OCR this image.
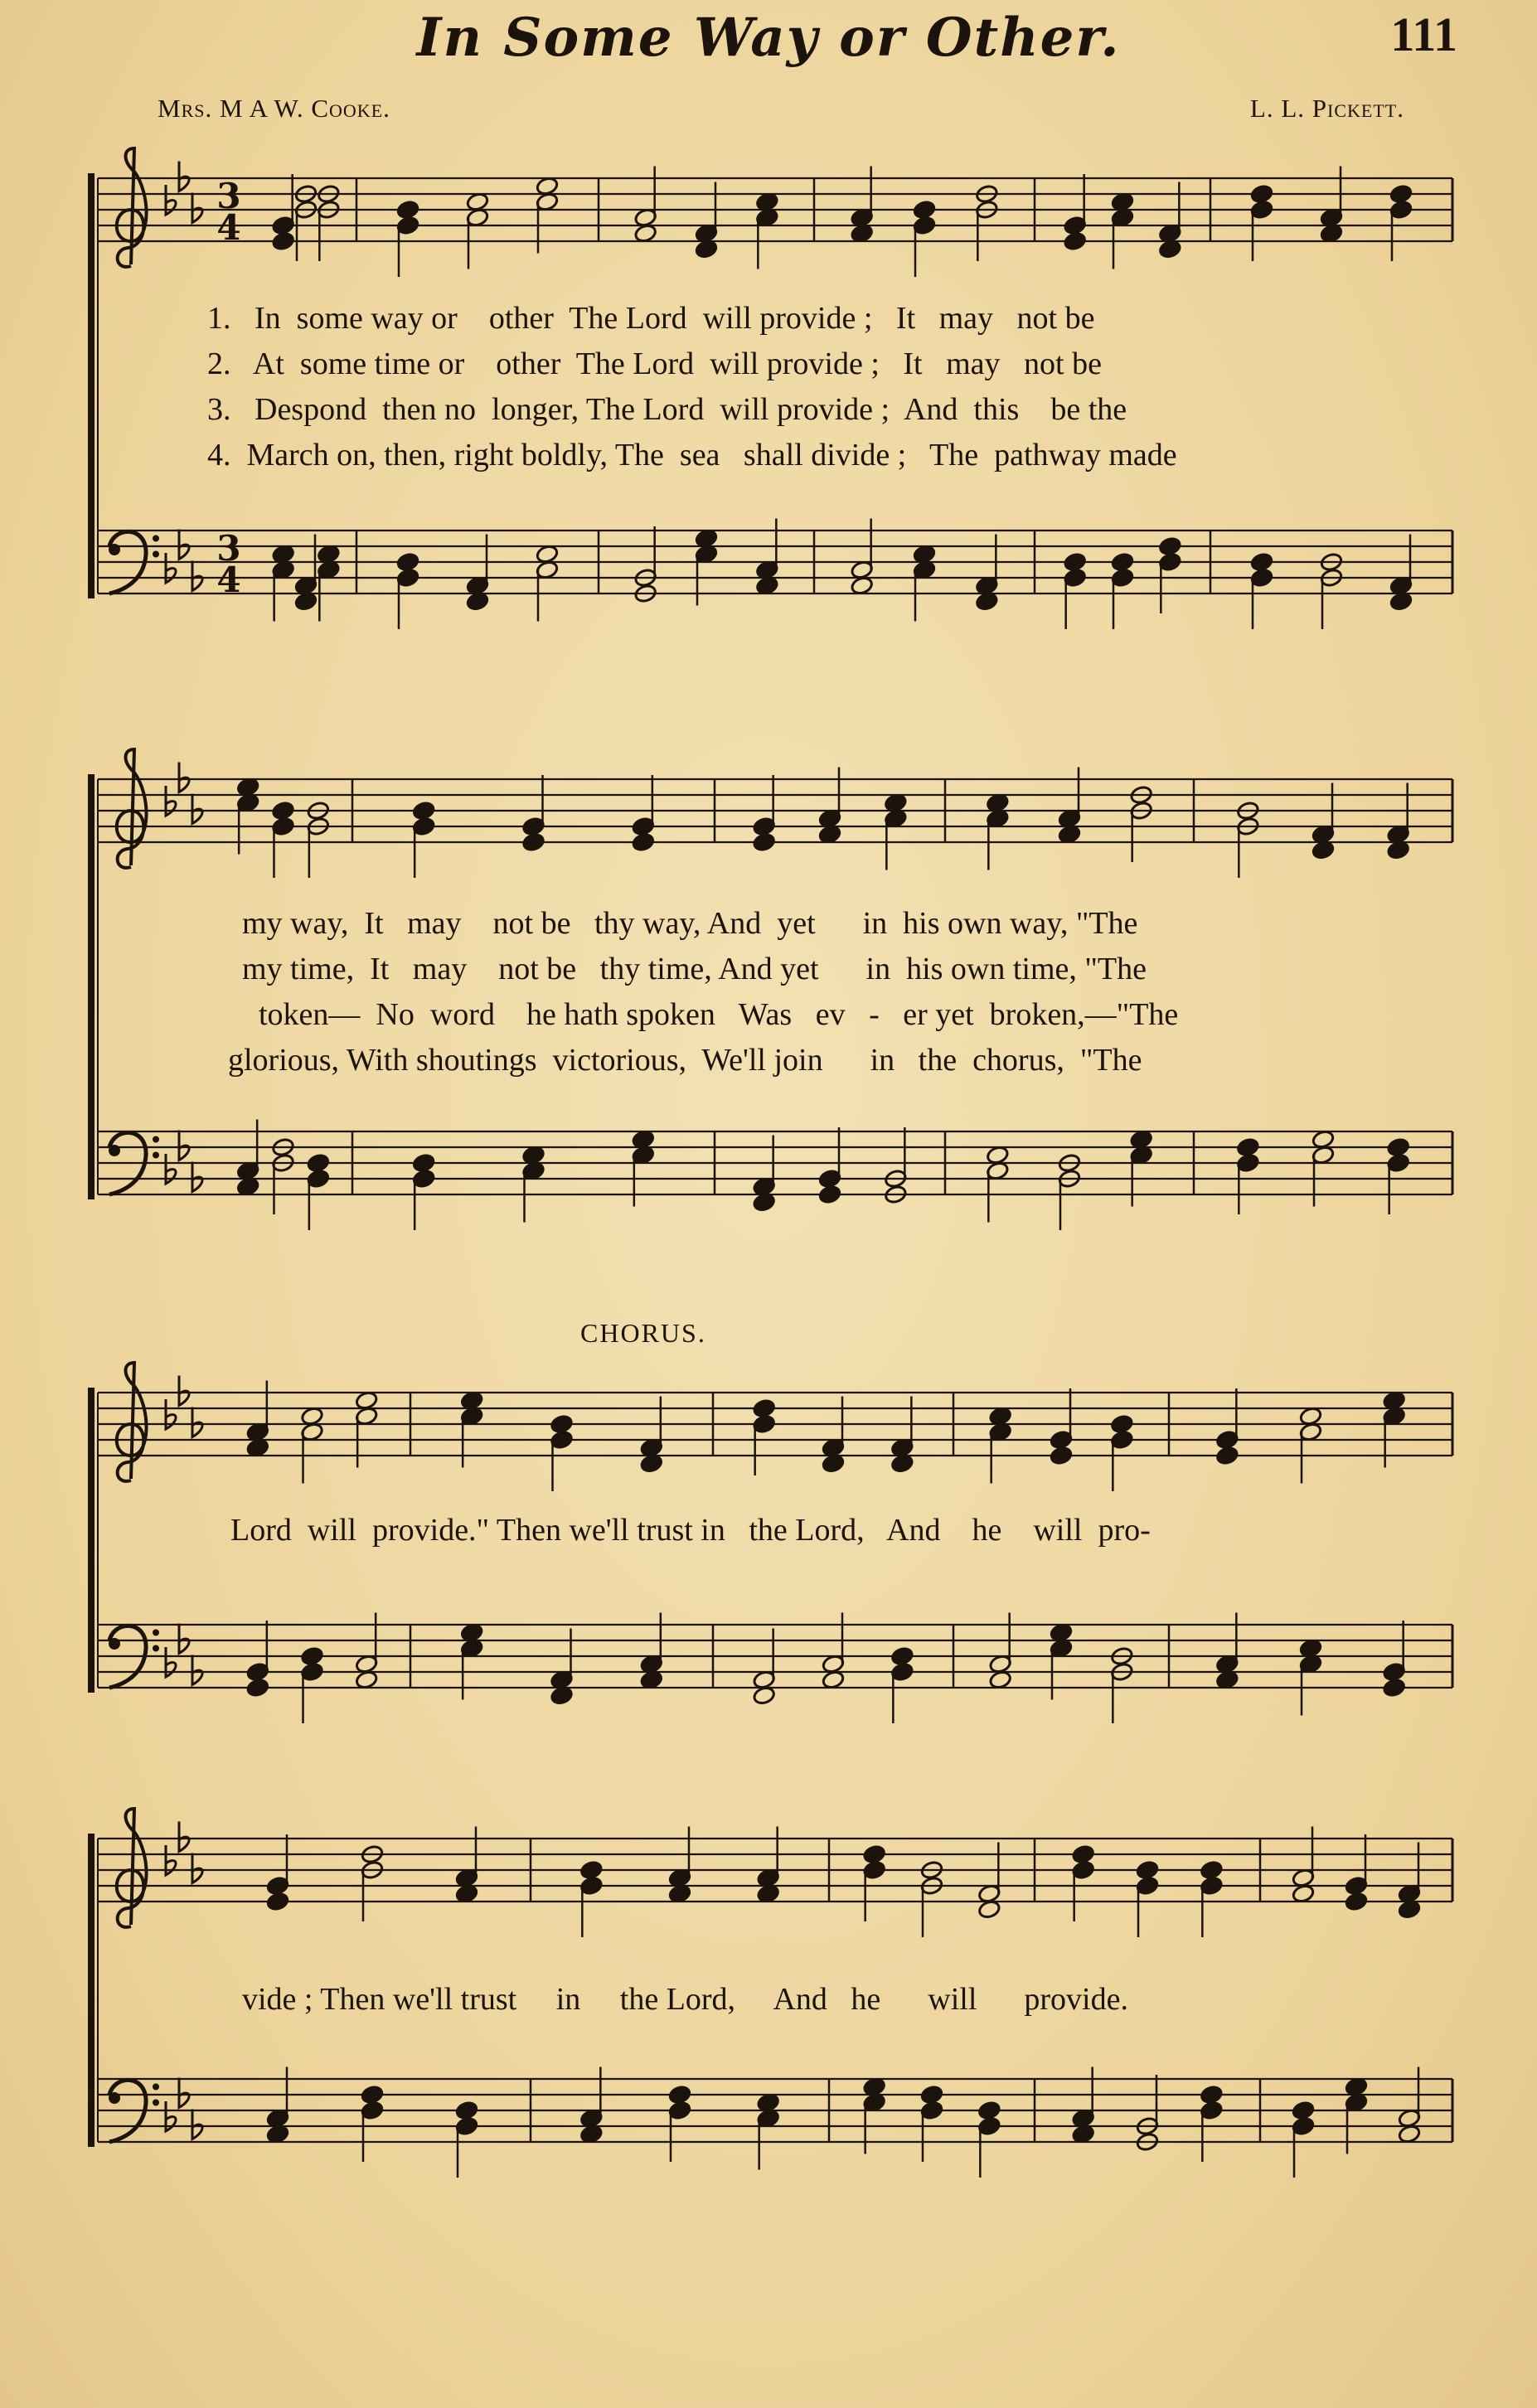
In Some Way or Other.	111
Mrs. M A W. Cooke.	L. L. Pickett.
CHORUS.
3
4
3
4
1.   In  some way or    other  The Lord  will provide ;   It   may   not be
2.   At  some time or    other  The Lord  will provide ;   It   may   not be
3.   Despond  then no  longer, The Lord  will provide ;  And  this    be the
4.  March on, then, right boldly, The  sea   shall divide ;   The  pathway made
my way,  It   may    not be   thy way, And  yet      in  his own way, "The
my time,  It   may    not be   thy time, And yet      in  his own time, "The
token—  No  word    he hath spoken   Was   ev   -   er yet  broken,—"The
glorious, With shoutings  victorious,  We'll join      in   the  chorus,  "The
Lord  will  provide." Then we'll trust in   the Lord,   And    he    will  pro-
vide ; Then we'll trust     in     the Lord,     And   he      will      provide.
